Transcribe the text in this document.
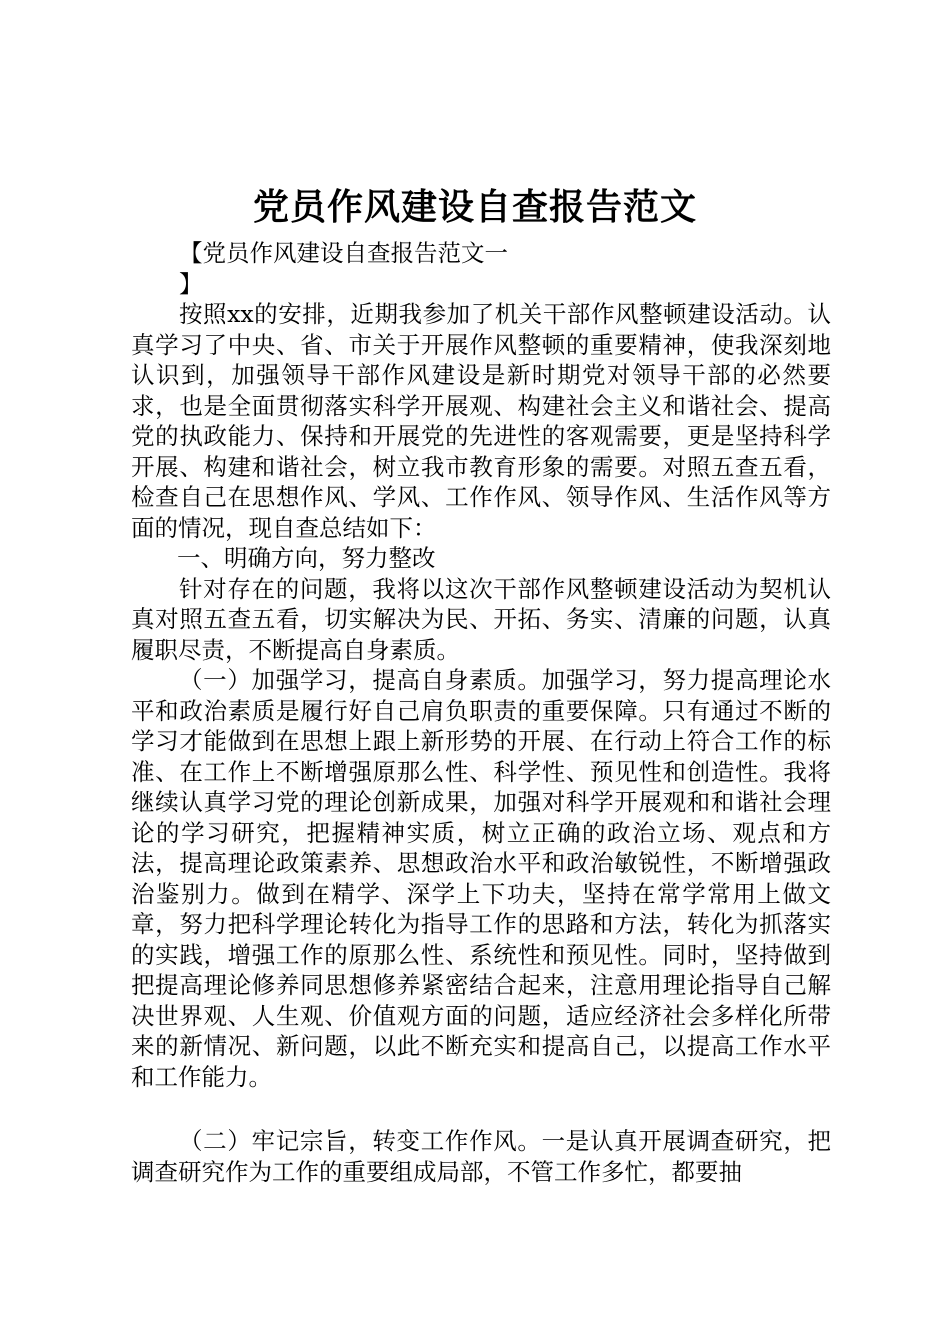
党员作风建设自查报告范文

【党员作风建设自查报告范文一

】

按照xx的安排，近期我参加了机关干部作风整顿建设活动。认真学习了中央、省、市关于开展作风整顿的重要精神，使我深刻地认识到，加强领导干部作风建设是新时期党对领导干部的必然要求，也是全面贯彻落实科学开展观、构建社会主义和谐社会、提高党的执政能力、保持和开展党的先进性的客观需要，更是坚持科学开展、构建和谐社会，树立我市教育形象的需要。对照五查五看，检查自己在思想作风、学风、工作作风、领导作风、生活作风等方面的情况，现自查总结如下：

一、明确方向，努力整改

针对存在的问题，我将以这次干部作风整顿建设活动为契机认真对照五查五看，切实解决为民、开拓、务实、清廉的问题，认真履职尽责，不断提高自身素质。

（一）加强学习，提高自身素质。加强学习，努力提高理论水平和政治素质是履行好自己肩负职责的重要保障。只有通过不断的学习才能做到在思想上跟上新形势的开展、在行动上符合工作的标准、在工作上不断增强原那么性、科学性、预见性和创造性。我将继续认真学习党的理论创新成果，加强对科学开展观和和谐社会理论的学习研究，把握精神实质，树立正确的政治立场、观点和方法，提高理论政策素养、思想政治水平和政治敏锐性，不断增强政治鉴别力。做到在精学、深学上下功夫，坚持在常学常用上做文章，努力把科学理论转化为指导工作的思路和方法，转化为抓落实的实践，增强工作的原那么性、系统性和预见性。同时，坚持做到把提高理论修养同思想修养紧密结合起来，注意用理论指导自己解决世界观、人生观、价值观方面的问题，适应经济社会多样化所带来的新情况、新问题，以此不断充实和提高自己，以提高工作水平和工作能力。

（二）牢记宗旨，转变工作作风。一是认真开展调查研究，把调查研究作为工作的重要组成局部，不管工作多忙，都要抽
